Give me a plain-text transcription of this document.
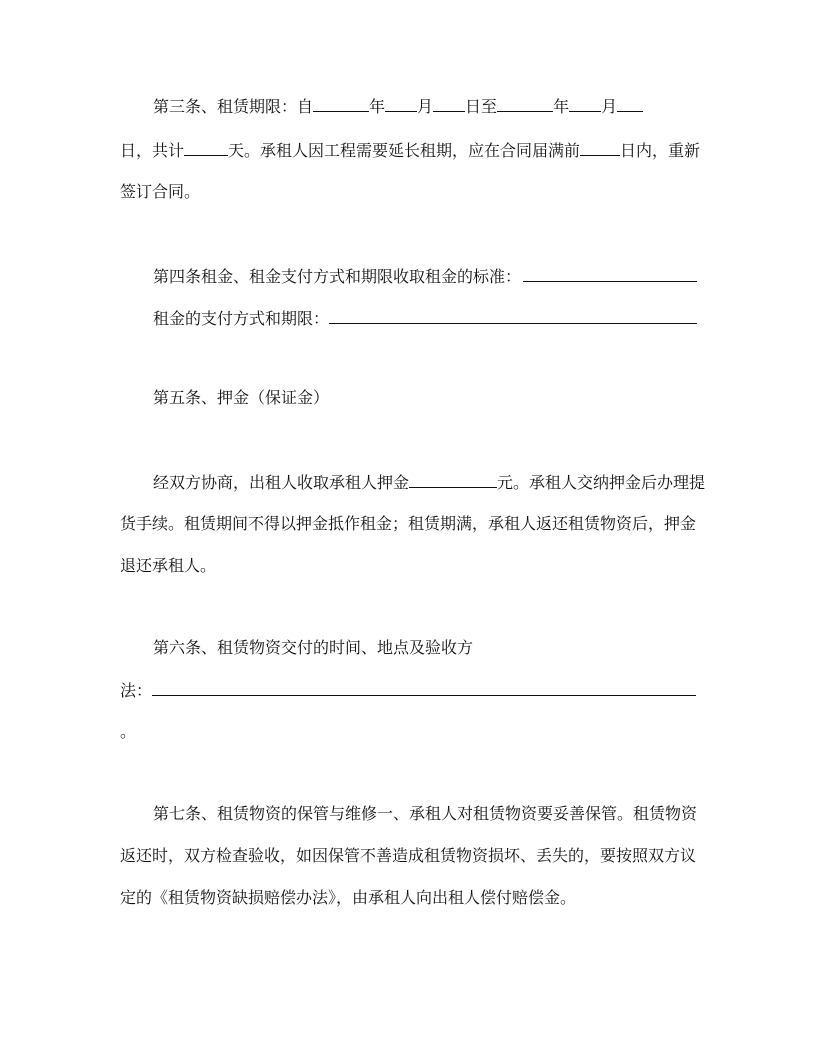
第三条、租赁期限：自	年 月 日至	年 月
日，共计	天。承租人因工程需要延长租期，应在合同届满前	日内，重新
签订合同。
第四条租金、租金支付方式和期限收取租金的标准：
租金的支付方式和期限：
第五条、押金（保证金）
经双方协商，出租人收取承租人押金	元。承租人交纳押金后办理提
货手续。租赁期间不得以押金抵作租金；租赁期满，承租人返还租赁物资后，押金
退还承租人。
第六条、租赁物资交付的时间、地点及验收方
法：
。
第七条、租赁物资的保管与维修一、承租人对租赁物资要妥善保管。租赁物资
返还时，双方检查验收，如因保管不善造成租赁物资损坏、丢失的，要按照双方议
定的《租赁物资缺损赔偿办法》，由承租人向出租人偿付赔偿金。
